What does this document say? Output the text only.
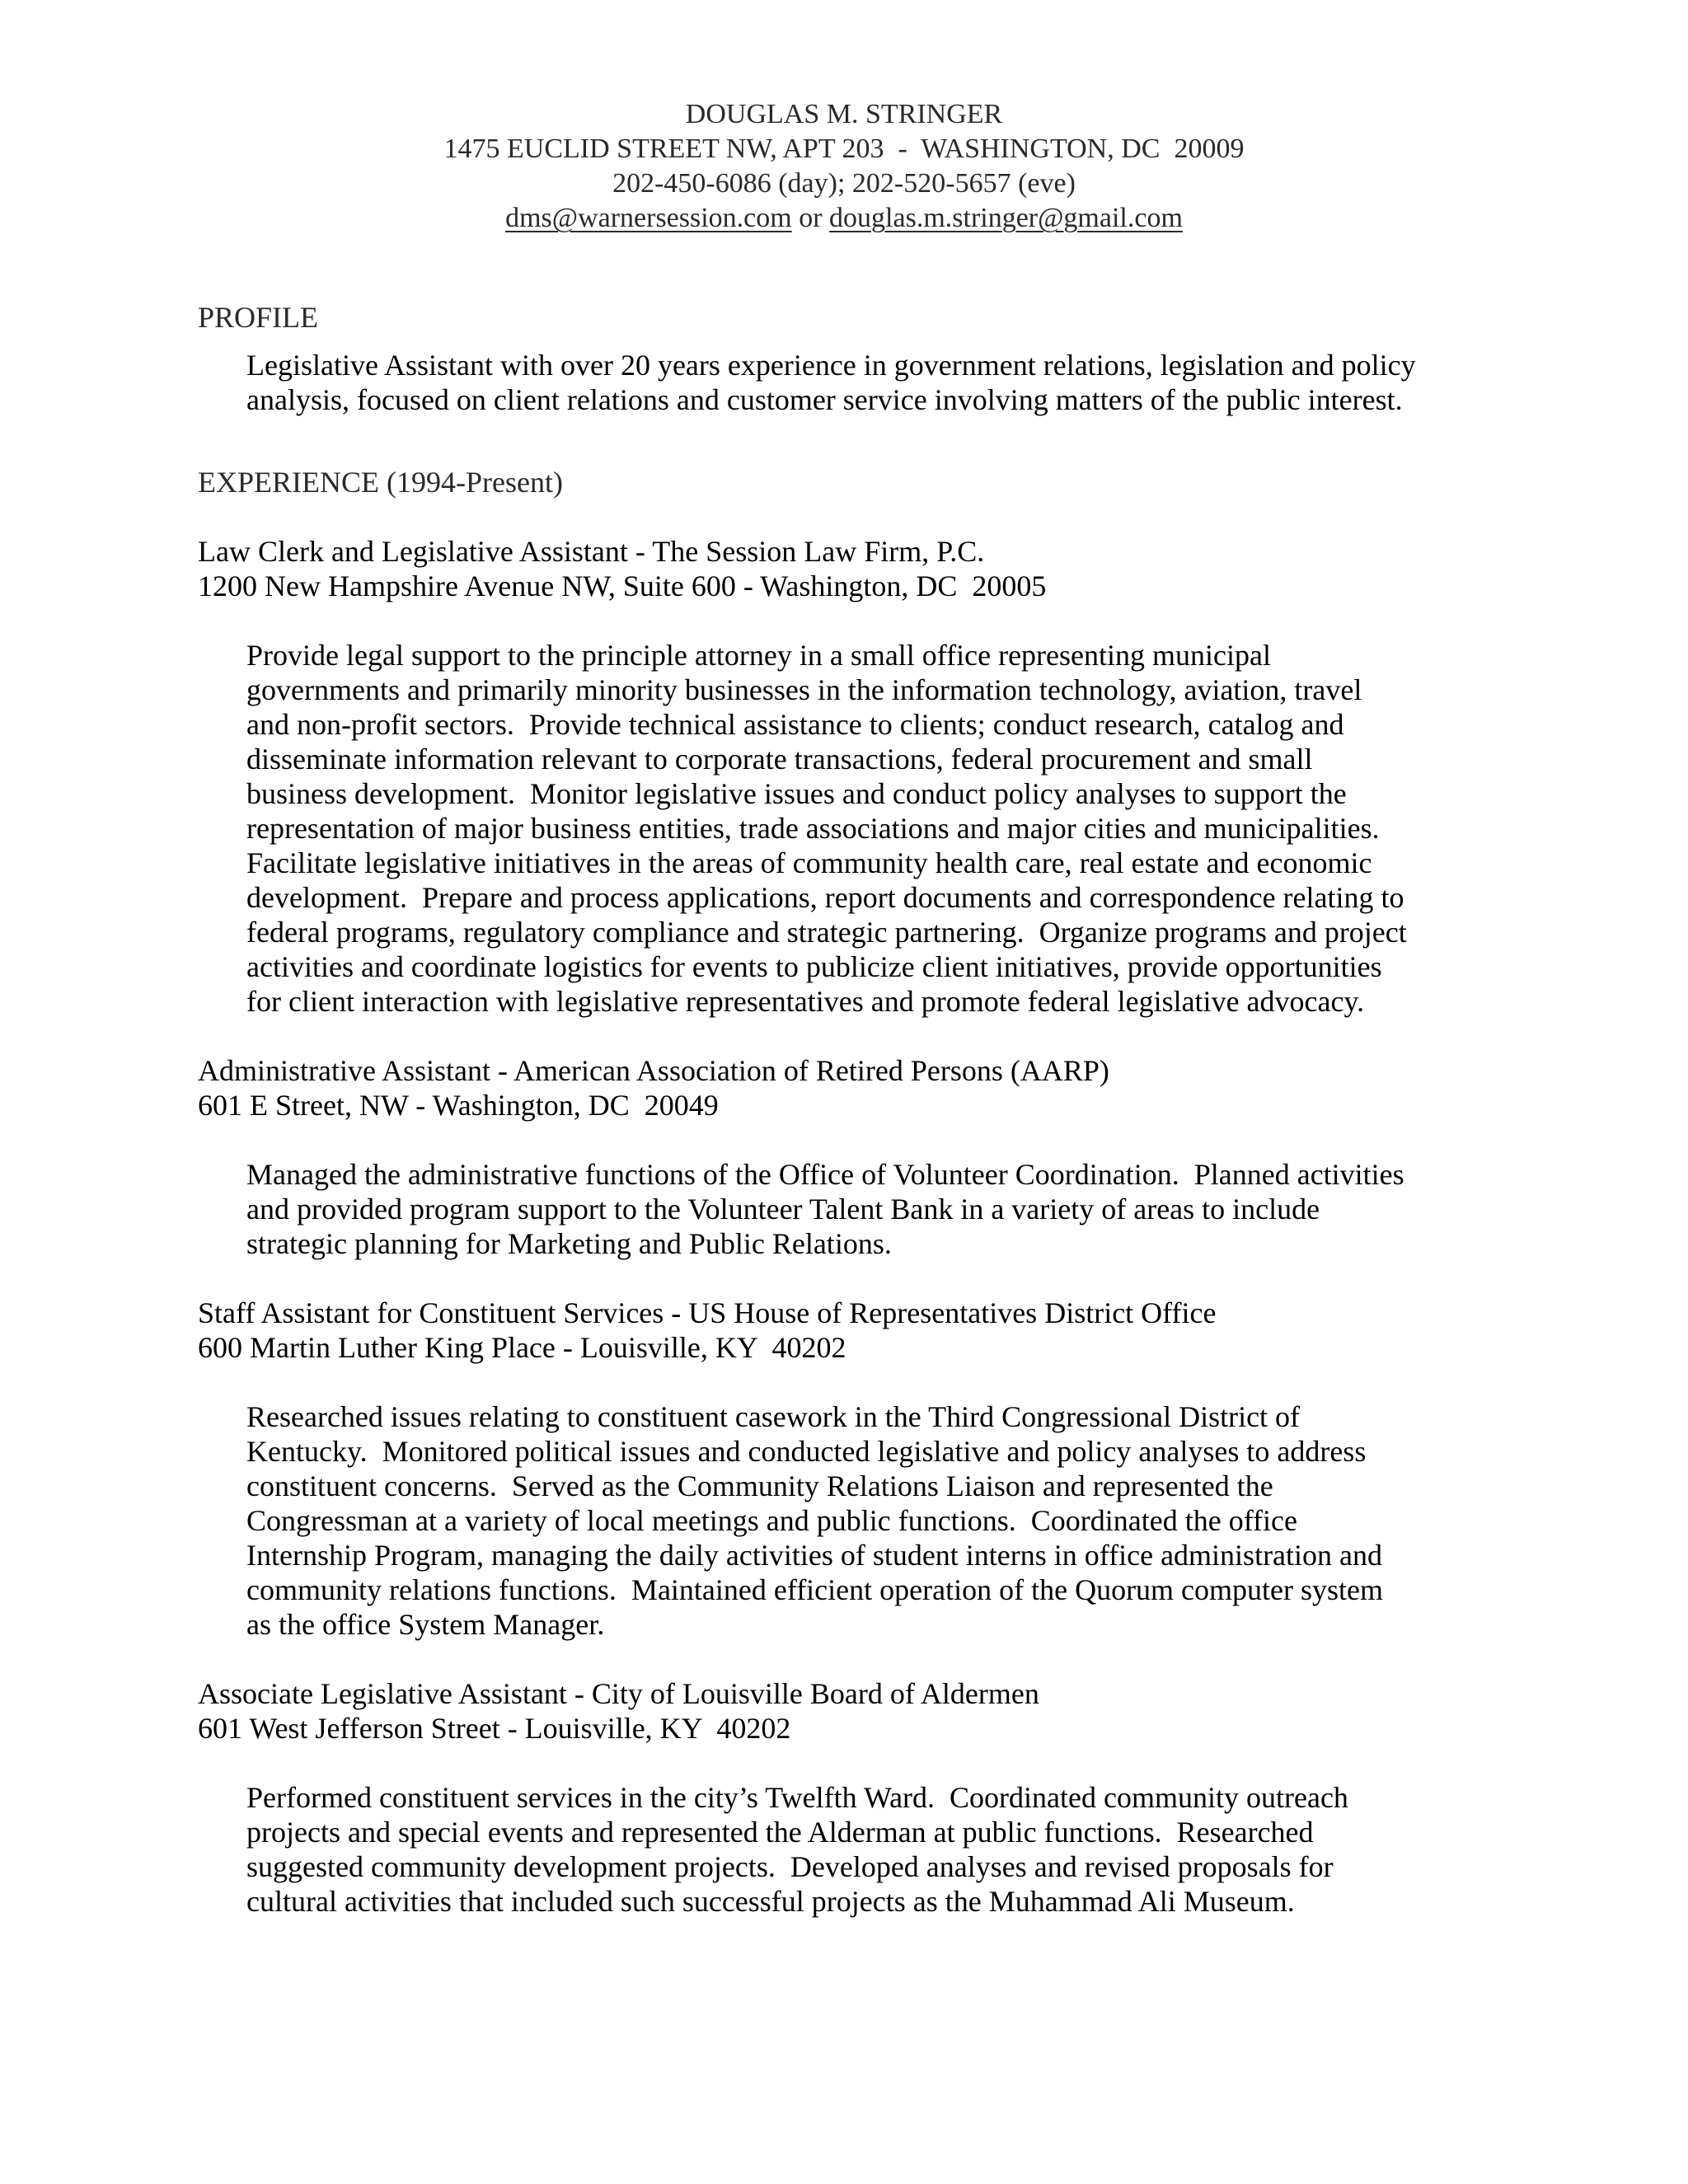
DOUGLAS M. STRINGER
1475 EUCLID STREET NW, APT 203  -  WASHINGTON, DC  20009
202-450-6086 (day); 202-520-5657 (eve)
dms@warnersession.com or douglas.m.stringer@gmail.com
PROFILE
Legislative Assistant with over 20 years experience in government relations, legislation and policy
analysis, focused on client relations and customer service involving matters of the public interest.
EXPERIENCE (1994-Present)
Law Clerk and Legislative Assistant - The Session Law Firm, P.C.
1200 New Hampshire Avenue NW, Suite 600 - Washington, DC  20005
Provide legal support to the principle attorney in a small office representing municipal
governments and primarily minority businesses in the information technology, aviation, travel
and non-profit sectors.  Provide technical assistance to clients; conduct research, catalog and
disseminate information relevant to corporate transactions, federal procurement and small
business development.  Monitor legislative issues and conduct policy analyses to support the
representation of major business entities, trade associations and major cities and municipalities.
Facilitate legislative initiatives in the areas of community health care, real estate and economic
development.  Prepare and process applications, report documents and correspondence relating to
federal programs, regulatory compliance and strategic partnering.  Organize programs and project
activities and coordinate logistics for events to publicize client initiatives, provide opportunities
for client interaction with legislative representatives and promote federal legislative advocacy.
Administrative Assistant - American Association of Retired Persons (AARP)
601 E Street, NW - Washington, DC  20049
Managed the administrative functions of the Office of Volunteer Coordination.  Planned activities
and provided program support to the Volunteer Talent Bank in a variety of areas to include
strategic planning for Marketing and Public Relations.
Staff Assistant for Constituent Services - US House of Representatives District Office
600 Martin Luther King Place - Louisville, KY  40202
Researched issues relating to constituent casework in the Third Congressional District of
Kentucky.  Monitored political issues and conducted legislative and policy analyses to address
constituent concerns.  Served as the Community Relations Liaison and represented the
Congressman at a variety of local meetings and public functions.  Coordinated the office
Internship Program, managing the daily activities of student interns in office administration and
community relations functions.  Maintained efficient operation of the Quorum computer system
as the office System Manager.
Associate Legislative Assistant - City of Louisville Board of Aldermen
601 West Jefferson Street - Louisville, KY  40202
Performed constituent services in the city’s Twelfth Ward.  Coordinated community outreach
projects and special events and represented the Alderman at public functions.  Researched
suggested community development projects.  Developed analyses and revised proposals for
cultural activities that included such successful projects as the Muhammad Ali Museum.
